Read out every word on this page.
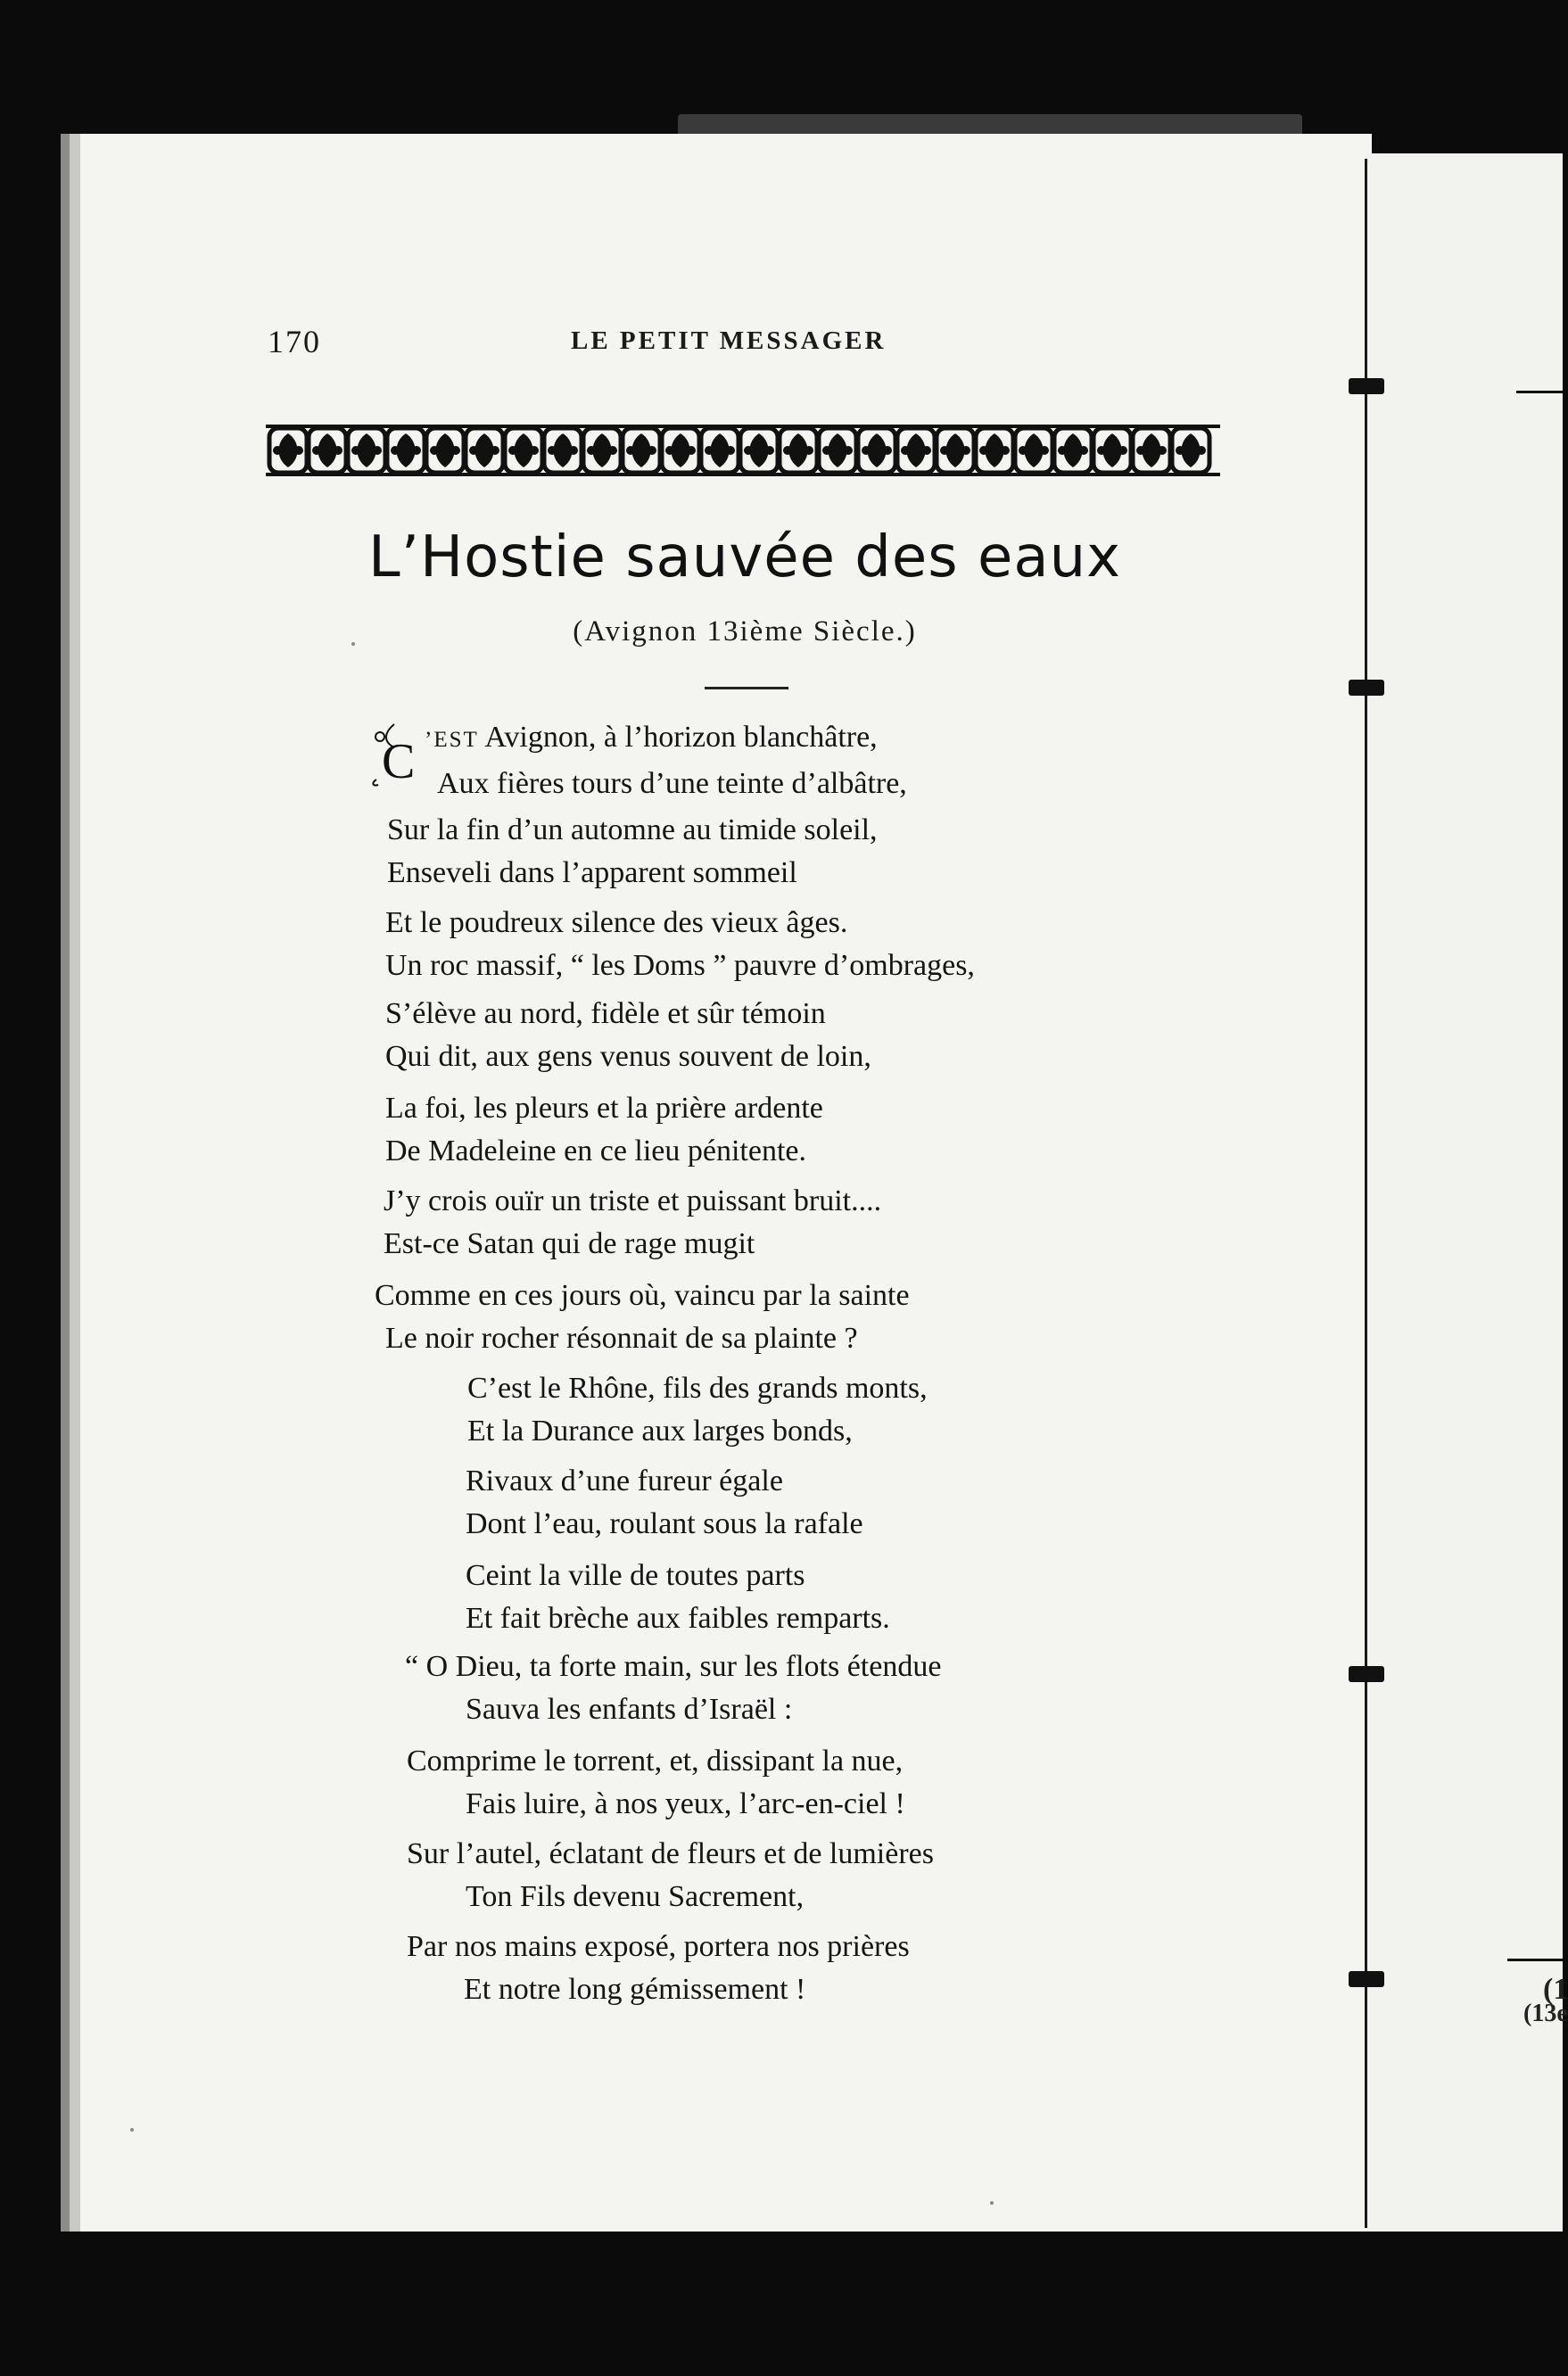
(1
(13e
170	LE PETIT MESSAGER
L’Hostie sauvée des eaux
(Avignon 13ième Siècle.)
C ’EST Avignon, à l’horizon blanchâtre,
Aux fières tours d’une teinte d’albâtre,
Sur la fin d’un automne au timide soleil,
Enseveli dans l’apparent sommeil
Et le poudreux silence des vieux âges.
Un roc massif, “ les Doms ” pauvre d’ombrages,
S’élève au nord, fidèle et sûr témoin
Qui dit, aux gens venus souvent de loin,
La foi, les pleurs et la prière ardente
De Madeleine en ce lieu pénitente.
J’y crois ouïr un triste et puissant bruit....
Est-ce Satan qui de rage mugit
Comme en ces jours où, vaincu par la sainte
Le noir rocher résonnait de sa plainte ?
C’est le Rhône, fils des grands monts,
Et la Durance aux larges bonds,
Rivaux d’une fureur égale
Dont l’eau, roulant sous la rafale
Ceint la ville de toutes parts
Et fait brèche aux faibles remparts.
“ O Dieu, ta forte main, sur les flots étendue
Sauva les enfants d’Israël :
Comprime le torrent, et, dissipant la nue,
Fais luire, à nos yeux, l’arc-en-ciel !
Sur l’autel, éclatant de fleurs et de lumières
Ton Fils devenu Sacrement,
Par nos mains exposé, portera nos prières
Et notre long gémissement !
